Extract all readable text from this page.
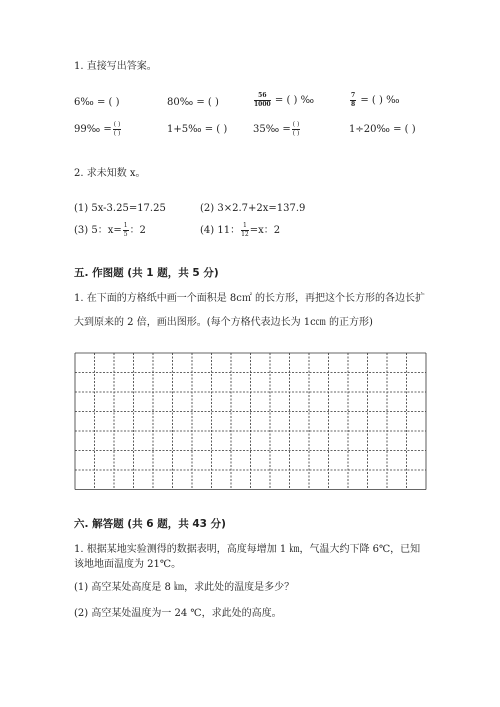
1. 直接写出答案。
6‰ = ( )	80‰ = ( )	$\frac{56}{1000}$ = ( ) ‰	$\frac{7}{8}$ = ( ) ‰
99‰ = $\frac{( )}{( )}$	1+5‰ = ( )	35‰ = $\frac{( )}{( )}$	1÷20‰ = ( )
2. 求未知数 x。
(1) 5x-3.25=17.25	(2) 3×2.7+2x=137.9
(3) 5：$x= \frac{1}{5}$ ：2	(4) 11： $\frac{1}{12} =x$：2
五. 作图题 (共 1 题，共 5 分)
1. 在下面的方格纸中画一个面积是 8c㎡ 的长方形，再把这个长方形的各边长扩
大到原来的 2 倍，画出图形。(每个方格代表边长为 1c㎝ 的正方形)
六. 解答题 (共 6 题，共 43 分)
1. 根据某地实验测得的数据表明，高度每增加 1 ㎞，气温大约下降 6℃，已知
该地地面温度为 21℃。
(1) 高空某处高度是 8 ㎞，求此处的温度是多少？
(2) 高空某处温度为一 24 ℃，求此处的高度。
